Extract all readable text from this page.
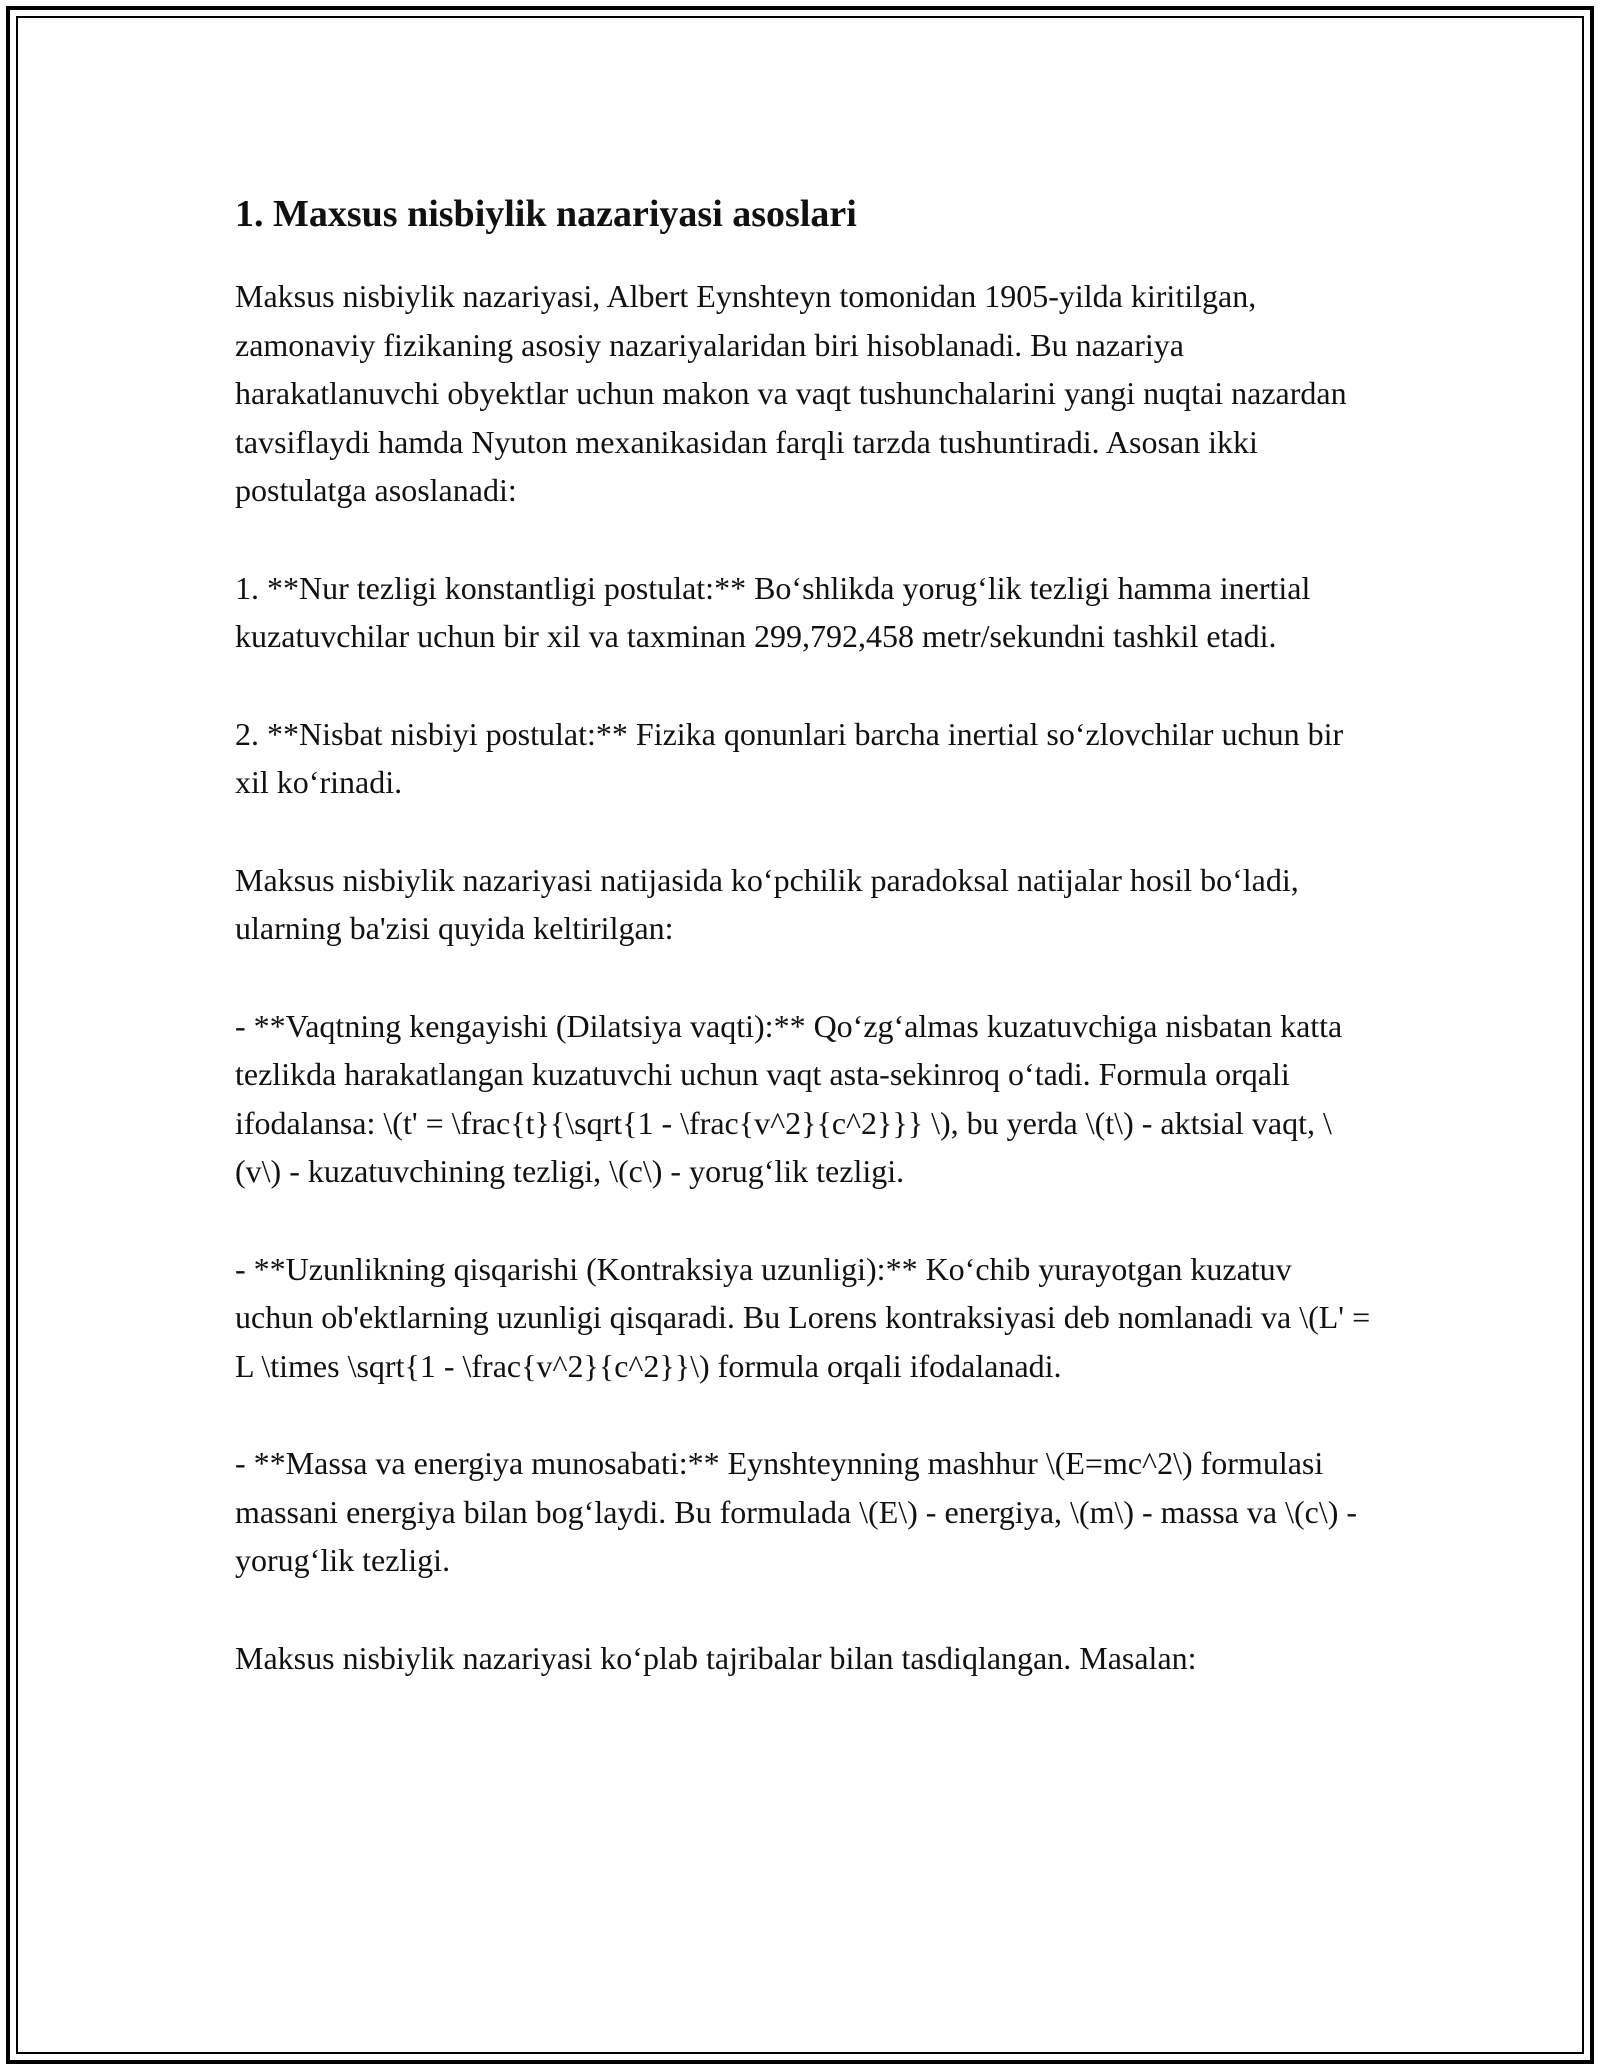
1. Maxsus nisbiylik nazariyasi asoslari

Maksus nisbiylik nazariyasi, Albert Eynshteyn tomonidan 1905-yilda kiritilgan, zamonaviy fizikaning asosiy nazariyalaridan biri hisoblanadi. Bu nazariya harakatlanuvchi obyektlar uchun makon va vaqt tushunchalarini yangi nuqtai nazardan tavsiflaydi hamda Nyuton mexanikasidan farqli tarzda tushuntiradi. Asosan ikki postulatga asoslanadi:

1. **Nur tezligi konstantligi postulat:** Bo‘shlikda yorug‘lik tezligi hamma inertial kuzatuvchilar uchun bir xil va taxminan 299,792,458 metr/sekundni tashkil etadi.

2. **Nisbat nisbiyi postulat:** Fizika qonunlari barcha inertial so‘zlovchilar uchun bir xil ko‘rinadi.

Maksus nisbiylik nazariyasi natijasida ko‘pchilik paradoksal natijalar hosil bo‘ladi, ularning ba'zisi quyida keltirilgan:

- **Vaqtning kengayishi (Dilatsiya vaqti):** Qo‘zg‘almas kuzatuvchiga nisbatan katta tezlikda harakatlangan kuzatuvchi uchun vaqt asta-sekinroq o‘tadi. Formula orqali ifodalansa: \(t' = \frac{t}{\sqrt{1 - \frac{v^2}{c^2}}} \), bu yerda \(t\) - aktsial vaqt, \(v\) - kuzatuvchining tezligi, \(c\) - yorug‘lik tezligi.

- **Uzunlikning qisqarishi (Kontraksiya uzunligi):** Ko‘chib yurayotgan kuzatuv uchun ob'ektlarning uzunligi qisqaradi. Bu Lorens kontraksiyasi deb nomlanadi va \(L' = L \times \sqrt{1 - \frac{v^2}{c^2}}\) formula orqali ifodalanadi.

- **Massa va energiya munosabati:** Eynshteynning mashhur \(E=mc^2\) formulasi massani energiya bilan bog‘laydi. Bu formulada \(E\) - energiya, \(m\) - massa va \(c\) - yorug‘lik tezligi.

Maksus nisbiylik nazariyasi ko‘plab tajribalar bilan tasdiqlangan. Masalan:
